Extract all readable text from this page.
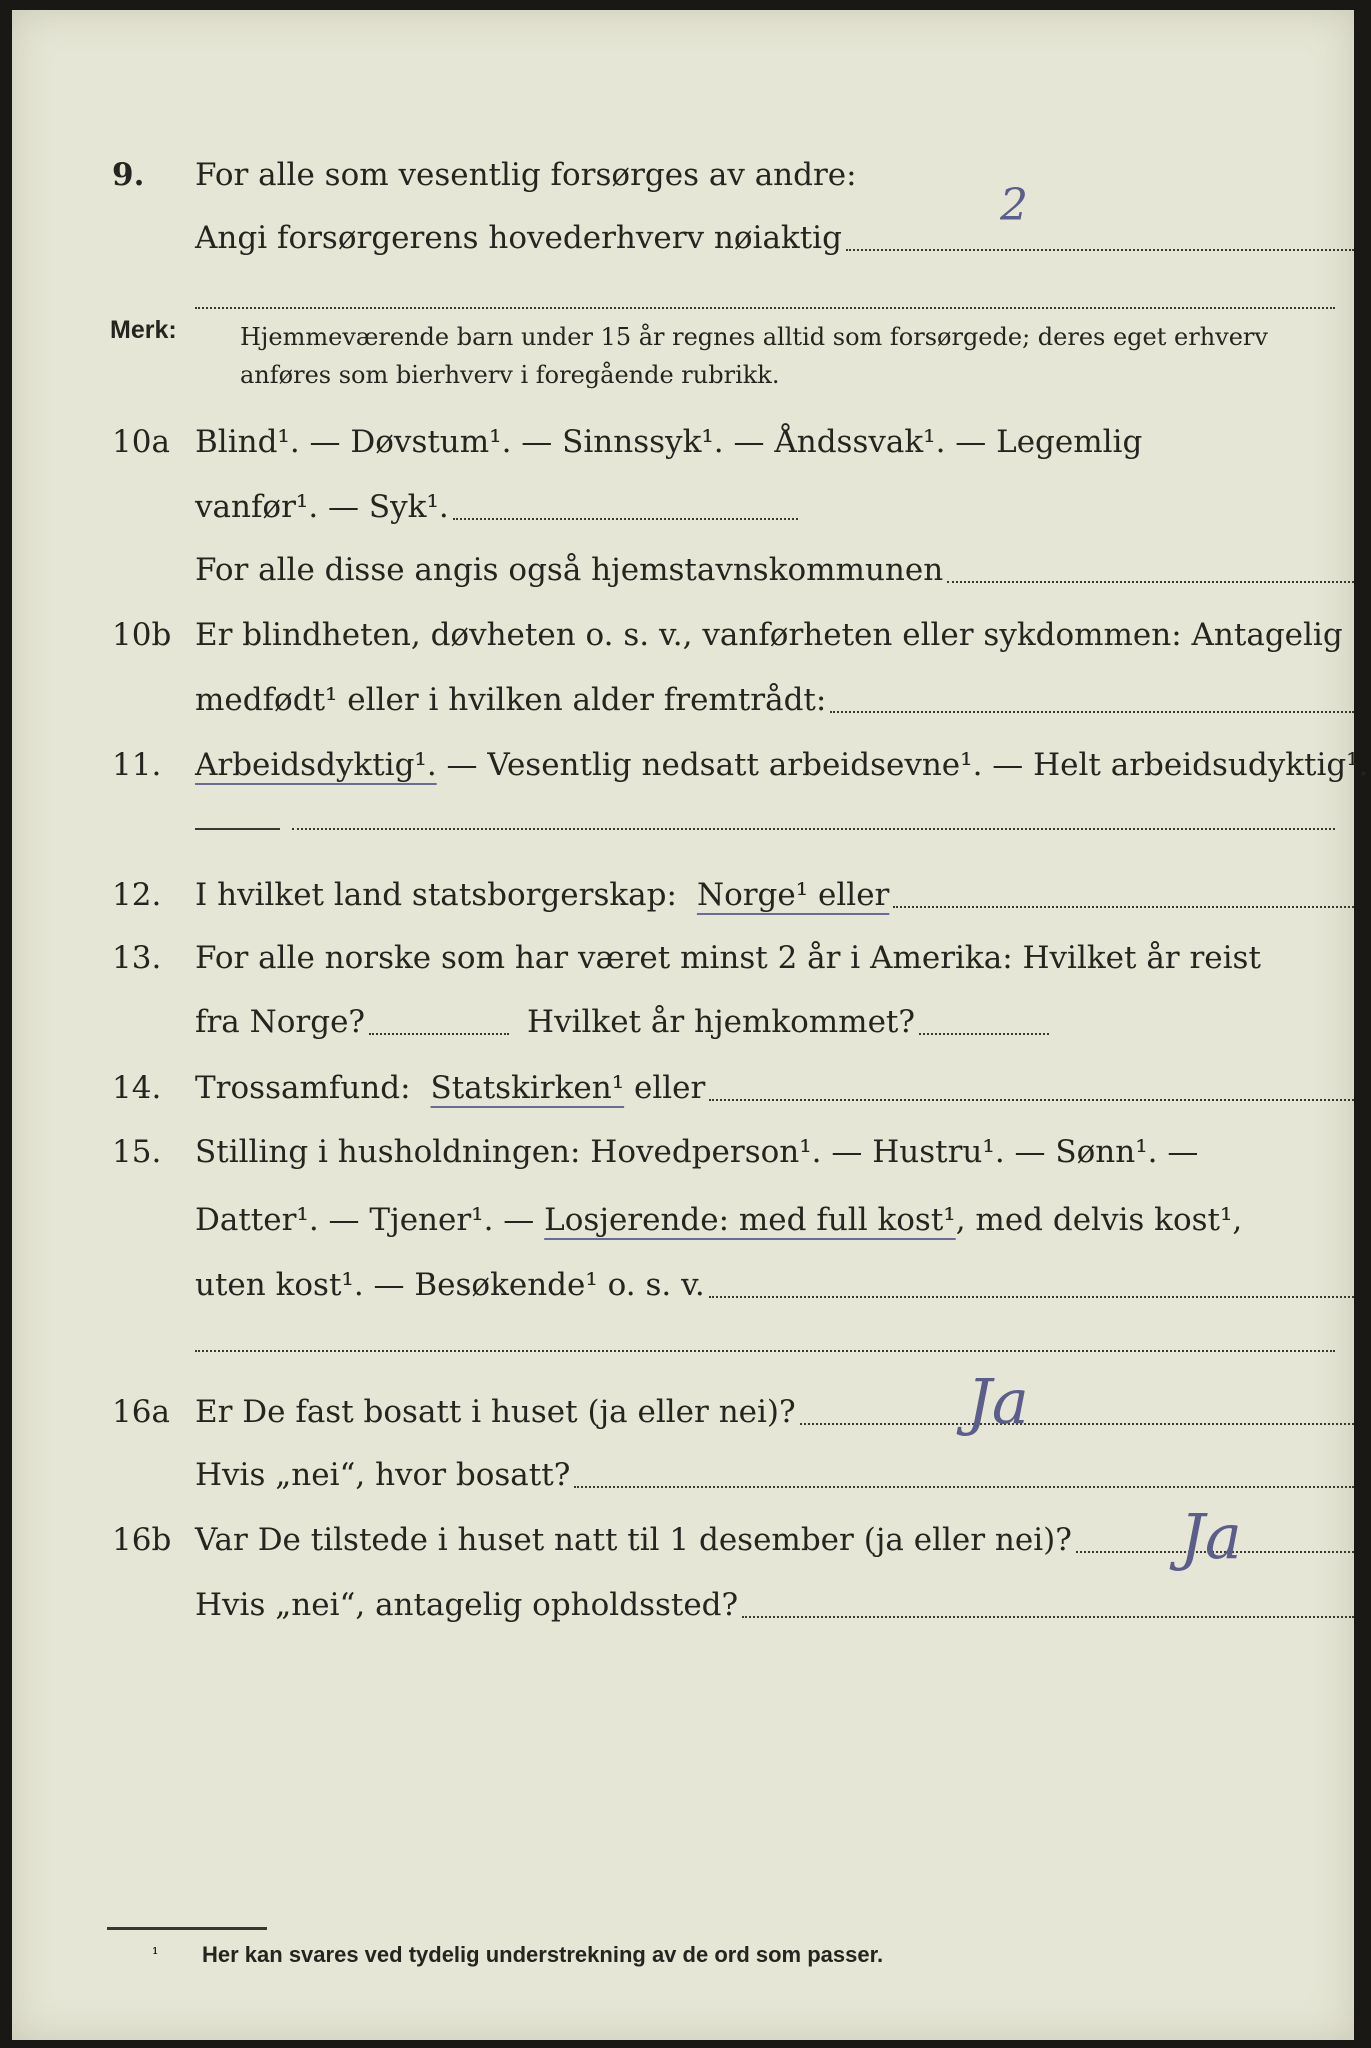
9. For alle som vesentlig forsørges av andre:
Angi forsørgerens hovederhverv nøiaktig
2
Merk:	Hjemmeværende barn under 15 år regnes alltid som forsørgede; deres eget erhverv anføres som bierhverv i foregående rubrikk.
10a Blind¹. — Døvstum¹. — Sinnssyk¹. — Åndssvak¹. — Legemlig
vanfør¹. — Syk¹.
For alle disse angis også hjemstavnskommunen
10b Er blindheten, døvheten o. s. v., vanførheten eller sykdommen: Antagelig
medfødt¹ eller i hvilken alder fremtrådt:
11. Arbeidsdyktig¹. — Vesentlig nedsatt arbeidsevne¹. — Helt arbeidsudyktig¹.
12. I hvilket land statsborgerskap: Norge¹ eller
13. For alle norske som har været minst 2 år i Amerika: Hvilket år reist
fra Norge?	Hvilket år hjemkommet?
14. Trossamfund: Statskirken¹ eller
15. Stilling i husholdningen: Hovedperson¹. — Hustru¹. — Sønn¹. —
Datter¹. — Tjener¹. — Losjerende: med full kost¹ , med delvis kost¹,
uten kost¹. — Besøkende¹ o. s. v.
16a Er De fast bosatt i huset (ja eller nei)?	Ja
Hvis „nei“, hvor bosatt?
16b Var De tilstede i huset natt til 1 desember (ja eller nei)? Ja
Hvis „nei“, antagelig opholdssted?
¹ Her kan svares ved tydelig understrekning av de ord som passer.
